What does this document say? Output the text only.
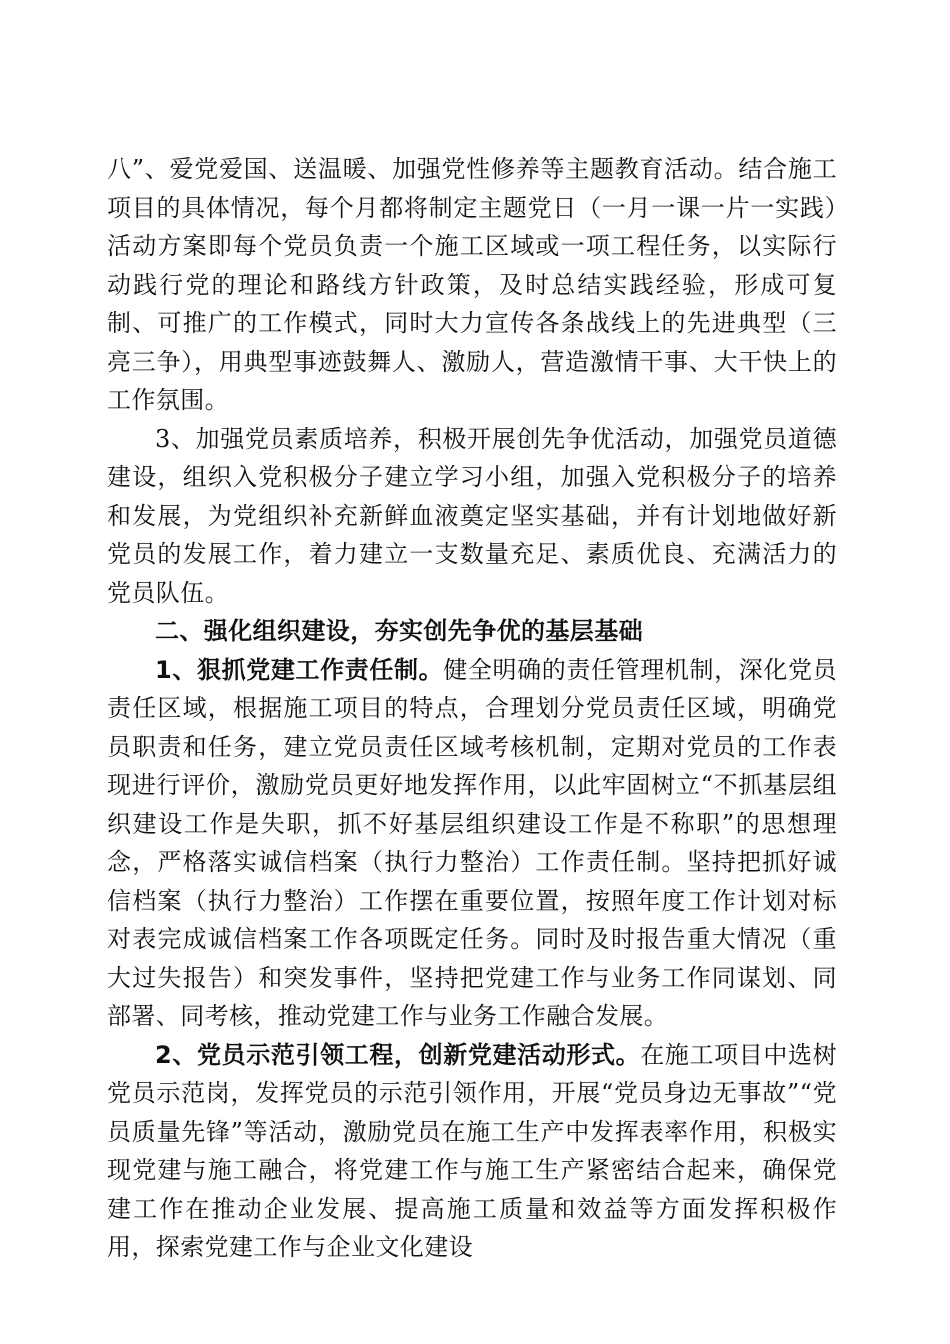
八”、爱党爱国、送温暖、加强党性修养等主题教育活动。结合施工项目的具体情况，每个月都将制定主题党日（一月一课一片一实践）活动方案即每个党员负责一个施工区域或一项工程任务，以实际行动践行党的理论和路线方针政策，及时总结实践经验，形成可复制、可推广的工作模式，同时大力宣传各条战线上的先进典型（三亮三争），用典型事迹鼓舞人、激励人，营造激情干事、大干快上的工作氛围。

3、加强党员素质培养，积极开展创先争优活动，加强党员道德建设，组织入党积极分子建立学习小组，加强入党积极分子的培养和发展，为党组织补充新鲜血液奠定坚实基础，并有计划地做好新党员的发展工作，着力建立一支数量充足、素质优良、充满活力的党员队伍。

二、强化组织建设，夯实创先争优的基层基础

1、狠抓党建工作责任制。健全明确的责任管理机制，深化党员责任区域，根据施工项目的特点，合理划分党员责任区域，明确党员职责和任务，建立党员责任区域考核机制，定期对党员的工作表现进行评价，激励党员更好地发挥作用，以此牢固树立“不抓基层组织建设工作是失职，抓不好基层组织建设工作是不称职”的思想理念，严格落实诚信档案（执行力整治）工作责任制。坚持把抓好诚信档案（执行力整治）工作摆在重要位置，按照年度工作计划对标对表完成诚信档案工作各项既定任务。同时及时报告重大情况（重大过失报告）和突发事件，坚持把党建工作与业务工作同谋划、同部署、同考核，推动党建工作与业务工作融合发展。

2、党员示范引领工程，创新党建活动形式。在施工项目中选树党员示范岗，发挥党员的示范引领作用，开展“党员身边无事故”“党员质量先锋”等活动，激励党员在施工生产中发挥表率作用，积极实现党建与施工融合，将党建工作与施工生产紧密结合起来，确保党建工作在推动企业发展、提高施工质量和效益等方面发挥积极作用，探索党建工作与企业文化建设
